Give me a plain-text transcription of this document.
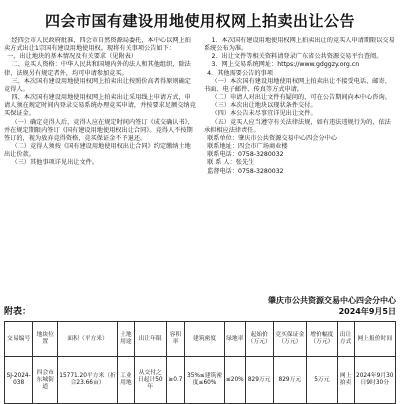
四会市国有建设用地使用权网上拍卖出让公告

经四会市人民政府批准，四会市自然资源局委托，本中心以网上拍卖方式出让1宗国有建设用地使用权。现将有关事项公告如下：

一、出让地块的基本情况及有关要求（见附表）

二、竞买人资格：中华人民共和国境内外的法人和其他组织，除法律、法规另有规定者外，均可申请参加竞买。

三、本次国有建设用地使用权网上拍卖出让按照价高者得原则确定竞得人。

四、本次国有建设用地使用权网上拍卖出让采用线上申请方式，申请人须在规定时间内登录交易系统办理竞买申请，并按要求足额交纳竞买保证金。

（一）确定竞得人后，竞得人应在规定时间内签订《成交确认书》，并在规定期限内签订《国有建设用地使用权出让合同》。竞得人不按期签订的，视为放弃竞得资格，竞买保证金不予退还。

（二）竞得人须按《国有建设用地使用权出让合同》约定缴纳土地出让价款。

（三）其他事项详见出让文件。

1．本次国有建设用地使用权网上拍卖出让的竞买人申请期限以交易系统公布为准。

2．出让文件等相关资料请登录广东省公共资源交易平台查阅。

3．网上交易系统网址：https://www.gdggzy.org.cn

4．其他需要公告的事项

（一）本次国有建设用地使用权网上拍卖出让不接受电话、邮寄、书面、电子邮件、传真等方式申请。

（二）申请人对出让文件有疑问的，可在公告期间向本中心咨询。

（三）本次出让地块以现状条件交付。

（四）本公告未尽事宜详见出让文件。

（五）竞买人应当遵守有关法律法规，如有违法违规行为的，依法承担相应法律责任。

联系单位：肇庆市公共资源交易中心四会分中心

联系地址：四会市广场商业楼

联系电话：0758-3280032

联 系 人：张先生

监督电话：0758-3280032

附表：
肇庆市公共资源交易中心四会分中心
2024年9月5日
交易编号	地块位置	面积（平方米）	土地用途	出让年限	容积率	建筑密度	绿地率	起始价（万元）	竞买保证金（万元）	增价幅度（万元）	出让方式	网上报价时间
SJ-2024-038	四会市东城街道	15771.20平方米（折合23.66亩）	工业用地	从交付之日起计50年	≥0.7	35%≤建筑密度≤60%	≤20%	829万元	829万元	5万元	网上拍卖	2024年9月30日9时30分
